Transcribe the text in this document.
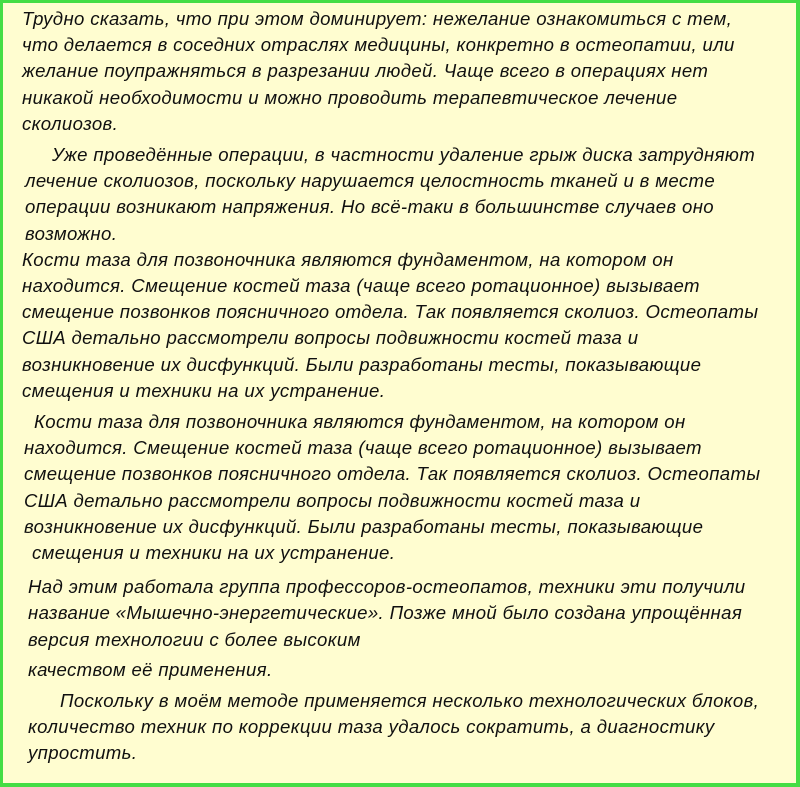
Трудно сказать, что при этом доминирует: нежелание ознакомиться с тем,
что делается в соседних отраслях медицины, конкретно в остеопатии, или
желание поупражняться в разрезании людей. Чаще всего в операциях нет
никакой необходимости и можно проводить терапевтическое лечение
сколиозов.
Уже проведённые операции, в частности удаление грыж диска затрудняют
лечение сколиозов, поскольку нарушается целостность тканей и в месте
операции возникают напряжения. Но всё-таки в большинстве случаев оно
возможно.
Кости таза для позвоночника являются фундаментом, на котором он
находится. Смещение костей таза (чаще всего ротационное) вызывает
смещение позвонков поясничного отдела. Так появляется сколиоз. Остеопаты
США детально рассмотрели вопросы подвижности костей таза и
возникновение их дисфункций. Были разработаны тесты, показывающие
смещения и техники на их устранение.
Кости таза для позвоночника являются фундаментом, на котором он
находится. Смещение костей таза (чаще всего ротационное) вызывает
смещение позвонков поясничного отдела. Так появляется сколиоз. Остеопаты
США детально рассмотрели вопросы подвижности костей таза и
возникновение их дисфункций. Были разработаны тесты, показывающие
смещения и техники на их устранение.
Над этим работала группа профессоров-остеопатов, техники эти получили
название «Мышечно-энергетические». Позже мной было создана упрощённая
версия технологии с более высоким
качеством её применения.
Поскольку в моём методе применяется несколько технологических блоков,
количество техник по коррекции таза удалось сократить, а диагностику
упростить.
